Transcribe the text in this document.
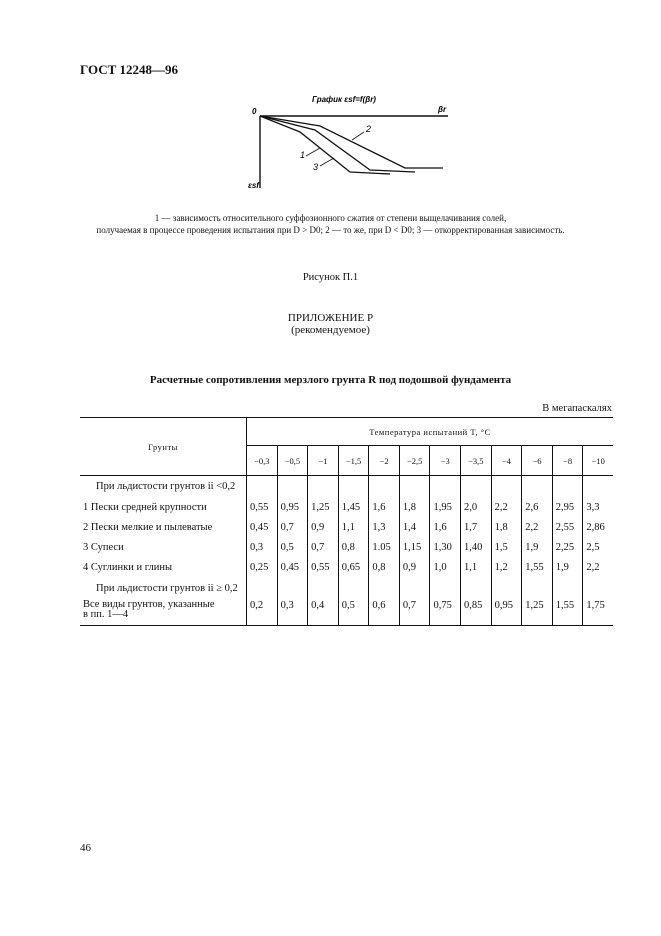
ГОСТ 12248—96
График εsf=f(βr)
0	βr
εsf
1
2
3
1 — зависимость относительного суффозионного сжатия от степени выщелачивания солей,
получаемая в процессе проведения испытания при D > D0; 2 — то же, при D < D0; 3 — откорректированная зависимость.
Рисунок П.1
ПРИЛОЖЕНИЕ Р
(рекомендуемое)
Расчетные сопротивления мерзлого грунта R под подошвой фундамента
В мегапаскалях
Грунты	Температура испытаний T, °C											
	−0,3	−0,5	−1	−1,5	−2	−2,5	−3	−3,5	−4	−6	−8	−10
При льдистости грунтов ii <0,2												
1 Пески средней крупности	0,55	0,95	1,25	1,45	1,6	1,8	1,95	2,0	2,2	2,6	2,95	3,3
2 Пески мелкие и пылеватые	0,45	0,7	0,9	1,1	1,3	1,4	1,6	1,7	1,8	2,2	2,55	2,86
3 Супеси	0,3	0,5	0,7	0,8	1.05	1,15	1,30	1,40	1,5	1,9	2,25	2,5
4 Суглинки и глины	0,25	0,45	0,55	0,65	0,8	0,9	1,0	1,1	1,2	1,55	1,9	2,2
При льдистости грунтов ii ≥ 0,2												

Все виды грунтов, указанные
в пп. 1—4	0,2	0,3	0,4	0,5	0,6	0,7	0,75	0,85	0,95	1,25	1,55	1,75
46
